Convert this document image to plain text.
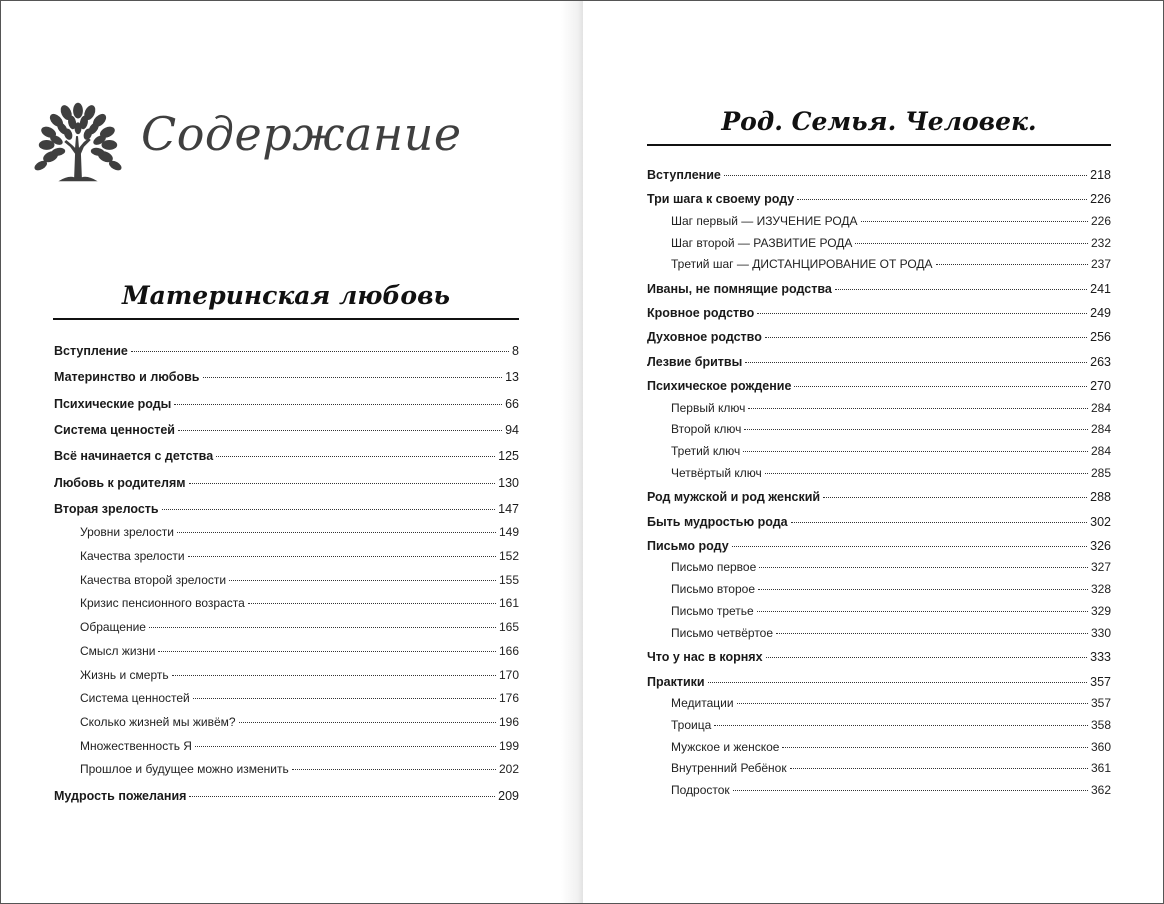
Содержание
Материнская любовь
Вступление	8
Материнство и любовь	13
Психические роды	66
Система ценностей	94
Всё начинается с детства	125
Любовь к родителям	130
Вторая зрелость	147
Уровни зрелости	149
Качества зрелости	152
Качества второй зрелости	155
Кризис пенсионного возраста	161
Обращение	165
Смысл жизни	166
Жизнь и смерть	170
Система ценностей	176
Сколько жизней мы живём?	196
Множественность Я	199
Прошлое и будущее можно изменить	202
Мудрость пожелания	209
Род. Семья. Человек.
Вступление	218
Три шага к своему роду	226
Шаг первый — ИЗУЧЕНИЕ РОДА	226
Шаг второй — РАЗВИТИЕ РОДА	232
Третий шаг — ДИСТАНЦИРОВАНИЕ ОТ РОДА	237
Иваны, не помнящие родства	241
Кровное родство	249
Духовное родство	256
Лезвие бритвы	263
Психическое рождение	270
Первый ключ	284
Второй ключ	284
Третий ключ	284
Четвёртый ключ	285
Род мужской и род женский	288
Быть мудростью рода	302
Письмо роду	326
Письмо первое	327
Письмо второе	328
Письмо третье	329
Письмо четвёртое	330
Что у нас в корнях	333
Практики	357
Медитации	357
Троица	358
Мужское и женское	360
Внутренний Ребёнок	361
Подросток	362
